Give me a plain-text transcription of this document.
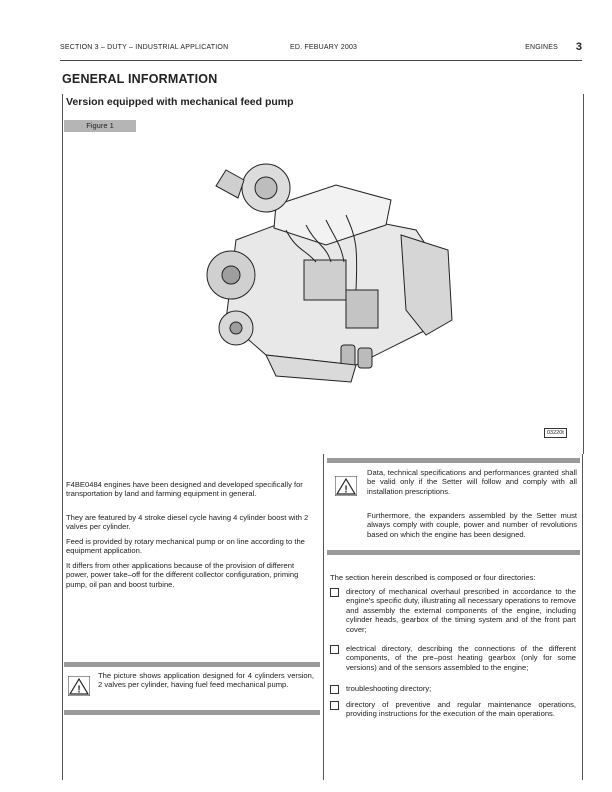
SECTION 3 – DUTY – INDUSTRIAL APPLICATION	ED. FEBUARY 2003	ENGINES 3
GENERAL INFORMATION
Version equipped with mechanical feed pump
Figure 1
03220t
F4BE0484 engines have been designed and developed specifically for transportation by land and farming equipment in general.
They are featured by 4 stroke diesel cycle having 4 cylinder boost with 2 valves per cylinder.
Feed is provided by rotary mechanical pump or on line according to the equipment application.
It differs from other applications because of the provision of different power, power take–off for the different collector configuration, priming pump, oil pan and boost turbine.
!
The picture shows application designed for 4 cylinders version, 2 valves per cylinder, having fuel feed mechanical pump.
!
Data, technical specifications and performances granted shall be valid only if the Setter will follow and comply with all installation prescriptions.
Furthermore, the expanders assembled by the Setter must always comply with couple, power and number of revolutions based on which the engine has been designed.
The section herein described is composed or four directories:
directory of mechanical overhaul prescribed in accordance to the engine's specific duty, illustrating all necessary operations to remove and assembly the external components of the engine, including cylinder heads, gearbox of the timing system and of the front part cover;
electrical directory, describing the connections of the different components, of the pre–post heating gearbox (only for some versions) and of the sensors assembled to the engine;
troubleshooting directory;
directory of preventive and regular maintenance operations, providing instructions for the execution of the main operations.
